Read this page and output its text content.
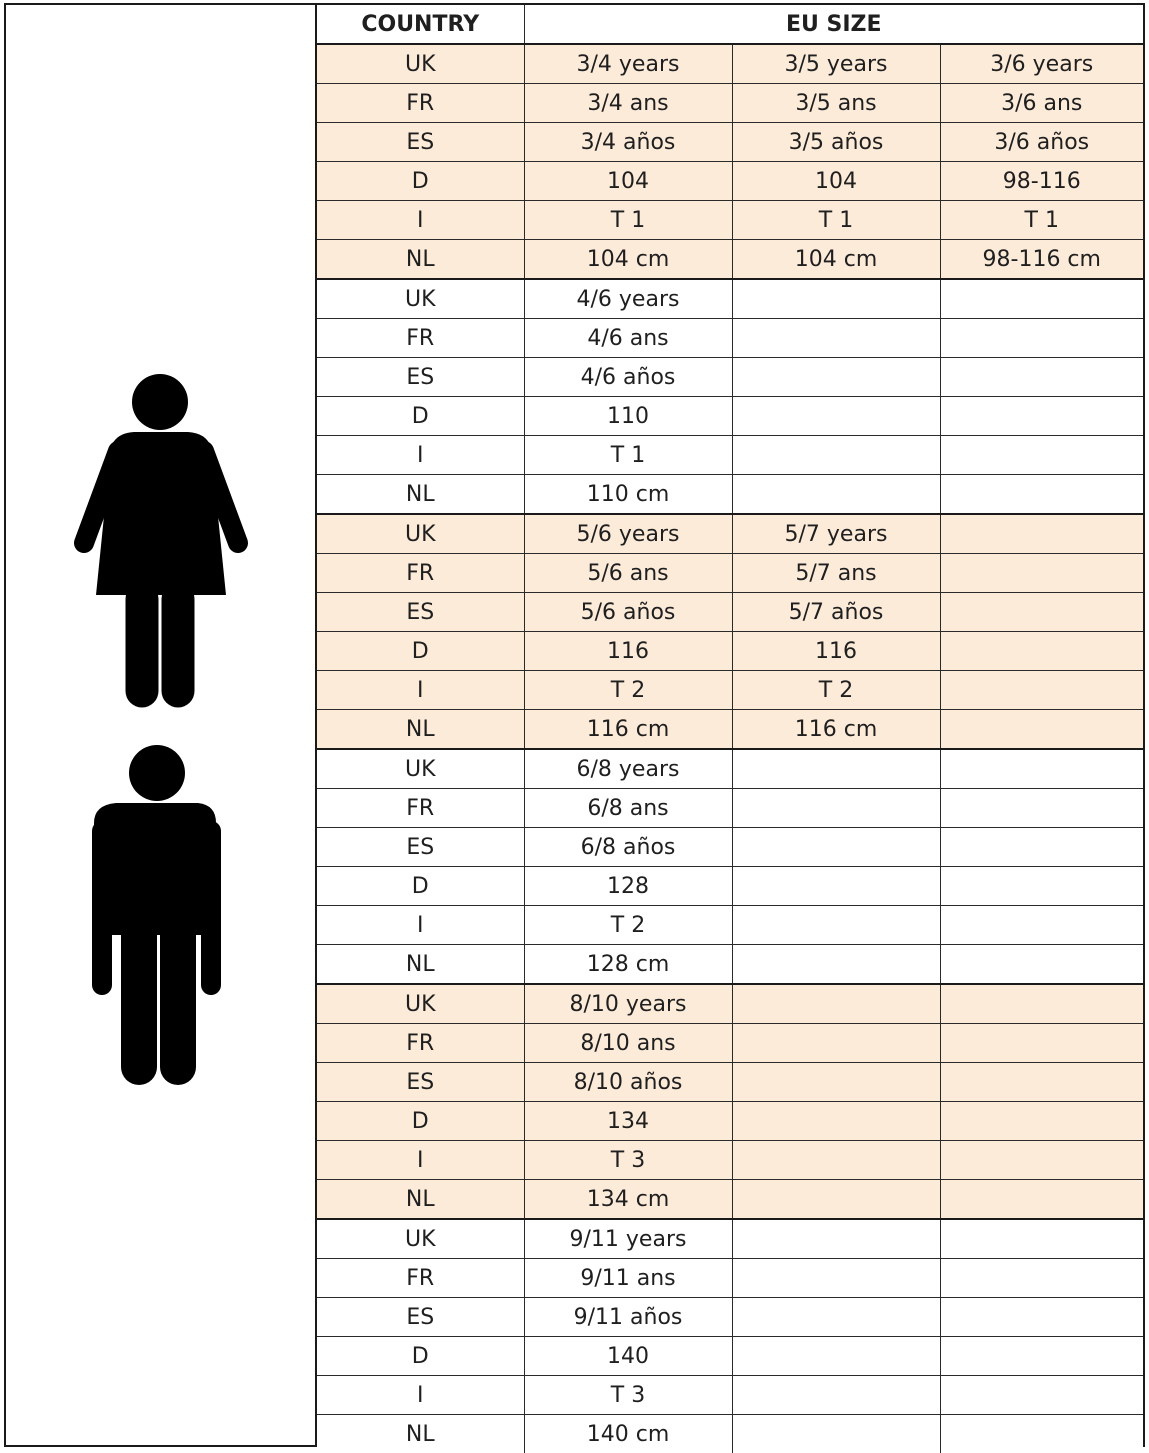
COUNTRY	EU SIZE		
UK	3/4 years	3/5 years	3/6 years
FR	3/4 ans	3/5 ans	3/6 ans
ES	3/4 años	3/5 años	3/6 años
D	104	104	98-116
I	T 1	T 1	T 1
NL	104 cm	104 cm	98-116 cm
UK	4/6 years		
FR	4/6 ans		
ES	4/6 años		
D	110		
I	T 1		
NL	110 cm		
UK	5/6 years	5/7 years	
FR	5/6 ans	5/7 ans	
ES	5/6 años	5/7 años	
D	116	116	
I	T 2	T 2	
NL	116 cm	116 cm	
UK	6/8 years		
FR	6/8 ans		
ES	6/8 años		
D	128		
I	T 2		
NL	128 cm		
UK	8/10 years		
FR	8/10 ans		
ES	8/10 años		
D	134		
I	T 3		
NL	134 cm		
UK	9/11 years		
FR	9/11 ans		
ES	9/11 años		
D	140		
I	T 3		
NL	140 cm		
